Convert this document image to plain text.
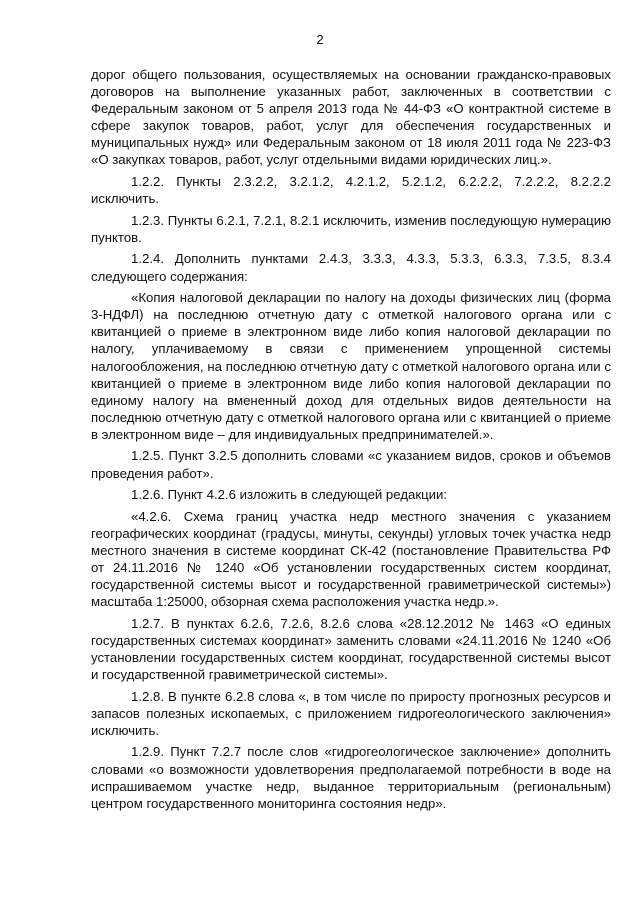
2

дорог общего пользования, осуществляемых на основании гражданско-правовых договоров на выполнение указанных работ, заключенных в соответствии с Федеральным законом от 5 апреля 2013 года № 44-ФЗ «О контрактной системе в сфере закупок товаров, работ, услуг для обеспечения государственных и муниципальных нужд» или Федеральным законом от 18 июля 2011 года № 223-ФЗ «О закупках товаров, работ, услуг отдельными видами юридических лиц.».

1.2.2. Пункты 2.3.2.2, 3.2.1.2, 4.2.1.2, 5.2.1.2, 6.2.2.2, 7.2.2.2, 8.2.2.2 исключить.

1.2.3. Пункты 6.2.1, 7.2.1, 8.2.1 исключить, изменив последующую нумерацию пунктов.

1.2.4. Дополнить пунктами 2.4.3, 3.3.3, 4.3.3, 5.3.3, 6.3.3, 7.3.5, 8.3.4 следующего содержания:

«Копия налоговой декларации по налогу на доходы физических лиц (форма 3-НДФЛ) на последнюю отчетную дату с отметкой налогового органа или с квитанцией о приеме в электронном виде либо копия налоговой декларации по налогу, уплачиваемому в связи с применением упрощенной системы налогообложения, на последнюю отчетную дату с отметкой налогового органа или с квитанцией о приеме в электронном виде либо копия налоговой декларации по единому налогу на вмененный доход для отдельных видов деятельности на последнюю отчетную дату с отметкой налогового органа или с квитанцией о приеме в электронном виде – для индивидуальных предпринимателей.».

1.2.5. Пункт 3.2.5 дополнить словами «с указанием видов, сроков и объемов проведения работ».

1.2.6. Пункт 4.2.6 изложить в следующей редакции:

«4.2.6. Схема границ участка недр местного значения с указанием географических координат (градусы, минуты, секунды) угловых точек участка недр местного значения в системе координат СК-42 (постановление Правительства РФ от 24.11.2016 № 1240 «Об установлении государственных систем координат, государственной системы высот и государственной гравиметрической системы») масштаба 1:25000, обзорная схема расположения участка недр.».

1.2.7. В пунктах 6.2.6, 7.2.6, 8.2.6 слова «28.12.2012 № 1463 «О единых государственных системах координат» заменить словами «24.11.2016 № 1240 «Об установлении государственных систем координат, государственной системы высот и государственной гравиметрической системы».

1.2.8. В пункте 6.2.8 слова «, в том числе по приросту прогнозных ресурсов и запасов полезных ископаемых, с приложением гидрогеологического заключения» исключить.

1.2.9. Пункт 7.2.7 после слов «гидрогеологическое заключение» дополнить словами «о возможности удовлетворения предполагаемой потребности в воде на испрашиваемом участке недр, выданное территориальным (региональным) центром государственного мониторинга состояния недр».
